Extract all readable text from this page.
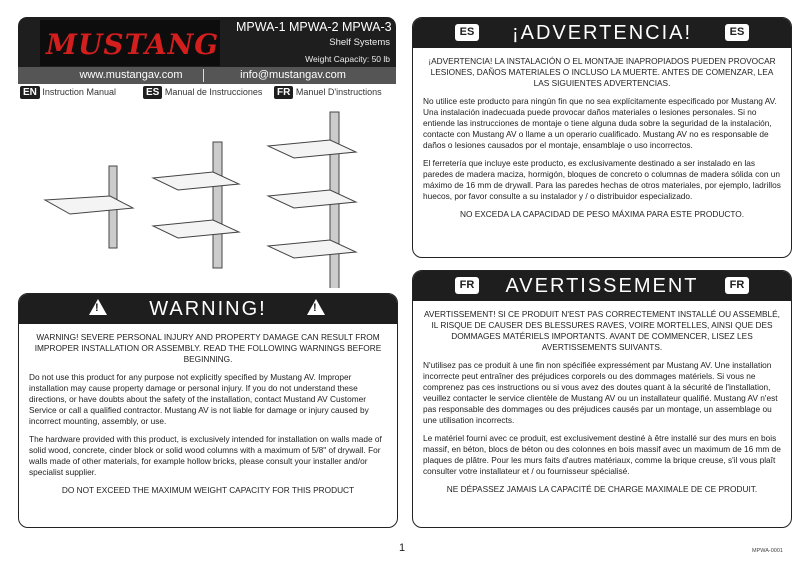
MUSTANG
MPWA-1 MPWA-2 MPWA-3
Shelf Systems
Weight Capacity: 50 lb
www.mustangav.com	info@mustangav.com
EN Instruction Manual	ES Manual de Instrucciones	FR Manuel D'instructions
!	WARNING!	!

WARNING! SEVERE PERSONAL INJURY AND PROPERTY DAMAGE CAN RESULT FROM IMPROPER INSTALLATION OR ASSEMBLY. READ THE FOLLOWING WARNINGS BEFORE BEGINNING.

Do not use this product for any purpose not explicitly specified by Mustang AV. Improper installation may cause property damage or personal injury. If you do not understand these directions, or have doubts about the safety of the installation, contact Mustand AV Customer Service or call a qualified contractor. Mustang AV is not liable for damage or injury caused by incorrect mounting, assembly, or use.

The hardware provided with this product, is exclusively intended for installation on walls made of solid wood, concrete, cinder block or solid wood columns with a maximum of 5/8" of drywall. For walls made of other materials, for example hollow bricks, please consult your installer and/or specialist supplier.

DO NOT EXCEED THE MAXIMUM WEIGHT CAPACITY FOR THIS PRODUCT

ES	¡ADVERTENCIA!	ES

¡ADVERTENCIA! LA INSTALACIÓN O EL MONTAJE INAPROPIADOS PUEDEN PROVOCAR LESIONES, DAÑOS MATERIALES O INCLUSO LA MUERTE. ANTES DE COMENZAR, LEA LAS SIGUIENTES ADVERTENCIAS.

No utilice este producto para ningún fin que no sea explícitamente especificado por Mustang AV. Una instalación inadecuada puede provocar daños materiales o lesiones personales. Si no entiende las instrucciones de montaje o tiene alguna duda sobre la seguridad de la instalación, contacte con Mustang AV o llame a un operario cualificado. Mustang AV no es responsable de daños o lesiones causados por el montaje, ensamblaje o uso incorrectos.

El ferretería que incluye este producto, es exclusivamente destinado a ser instalado en las paredes de madera maciza, hormigón, bloques de concreto o columnas de madera sólida con un máximo de 16 mm de drywall. Para las paredes hechas de otros materiales, por ejemplo, ladrillos huecos, por favor consulte a su instalador y / o distribuidor especializado.

NO EXCEDA LA CAPACIDAD DE PESO MÁXIMA PARA ESTE PRODUCTO.

FR	AVERTISSEMENT	FR

AVERTISSEMENT! SI CE PRODUIT N'EST PAS CORRECTEMENT INSTALLÉ OU ASSEMBLÉ, IL RISQUE DE CAUSER DES BLESSURES RAVES, VOIRE MORTELLES, AINSI QUE DES DOMMAGES MATÉRIELS IMPORTANTS. AVANT DE COMMENCER, LISEZ LES AVERTISSEMENTS SUIVANTS.

N'utilisez pas ce produit à une fin non spécifiée expressément par Mustang AV. Une installation incorrecte peut entraîner des préjudices corporels ou des dommages matériels. Si vous ne comprenez pas ces instructions ou si vous avez des doutes quant à la sécurité de l'installation, veuillez contacter le service clientèle de Mustang AV ou un installateur qualifié. Mustang AV n'est pas responsable des dommages ou des préjudices causés par un montage, un assemblage ou une utilisation incorrects.

Le matériel fourni avec ce produit, est exclusivement destiné à être installé sur des murs en bois massif, en béton, blocs de béton ou des colonnes en bois massif avec un maximum de 16 mm de plaques de plâtre. Pour les murs faits d'autres matériaux, comme la brique creuse, s'il vous plaît consulter votre installateur et / ou fournisseur spécialisé.

NE DÉPASSEZ JAMAIS LA CAPACITÉ DE CHARGE MAXIMALE DE CE PRODUIT.

1	MPWA-0001
